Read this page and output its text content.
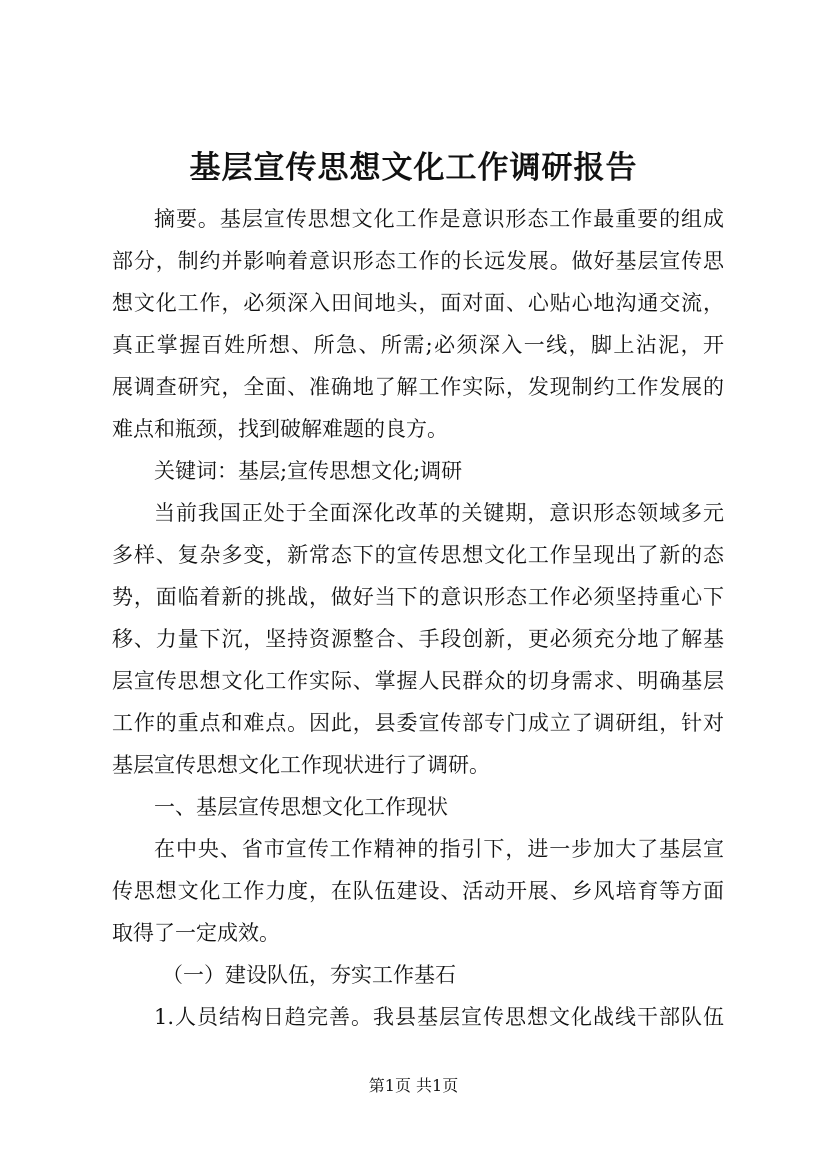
基层宣传思想文化工作调研报告
摘要。基层宣传思想文化工作是意识形态工作最重要的组成
部分，制约并影响着意识形态工作的长远发展。做好基层宣传思
想文化工作，必须深入田间地头，面对面、心贴心地沟通交流，
真正掌握百姓所想、所急、所需;必须深入一线，脚上沾泥，开
展调查研究，全面、准确地了解工作实际，发现制约工作发展的
难点和瓶颈，找到破解难题的良方。
关键词：基层;宣传思想文化;调研
当前我国正处于全面深化改革的关键期，意识形态领域多元
多样、复杂多变，新常态下的宣传思想文化工作呈现出了新的态
势，面临着新的挑战，做好当下的意识形态工作必须坚持重心下
移、力量下沉，坚持资源整合、手段创新，更必须充分地了解基
层宣传思想文化工作实际、掌握人民群众的切身需求、明确基层
工作的重点和难点。因此，县委宣传部专门成立了调研组，针对
基层宣传思想文化工作现状进行了调研。
一、基层宣传思想文化工作现状
在中央、省市宣传工作精神的指引下，进一步加大了基层宣
传思想文化工作力度，在队伍建设、活动开展、乡风培育等方面
取得了一定成效。
（一）建设队伍，夯实工作基石
1.人员结构日趋完善。我县基层宣传思想文化战线干部队伍
第1页 共1页
